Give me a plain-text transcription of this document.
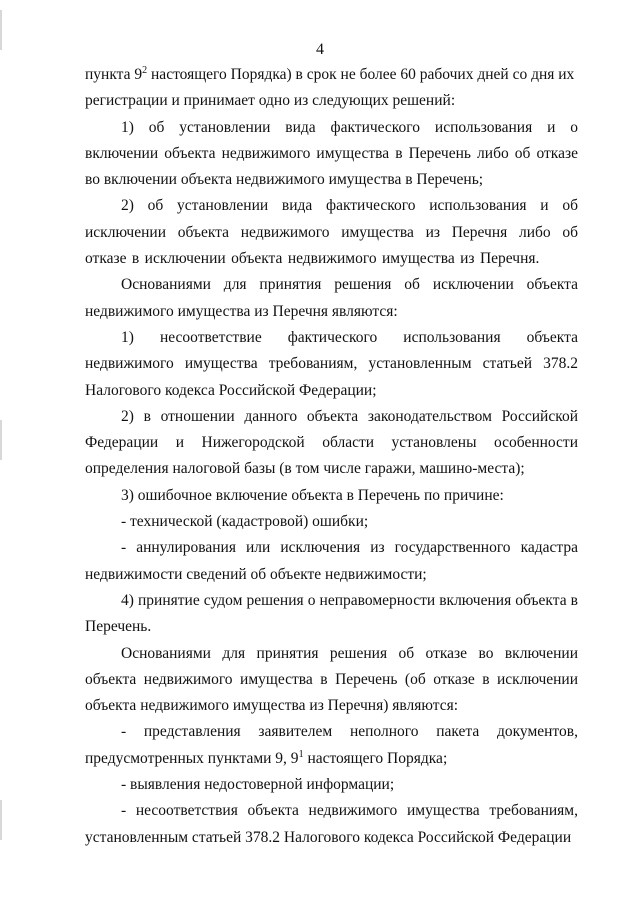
4

пункта $9^2$ настоящего Порядка) в срок не более 60 рабочих дней со дня их
регистрации и принимает одно из следующих решений:

1) об установлении вида фактического использования и о включении объекта недвижимого имущества в Перечень либо об отказе во включении объекта недвижимого имущества в Перечень;

2) об установлении вида фактического использования и об исключении объекта недвижимого имущества из Перечня либо об отказе в исключении объекта недвижимого имущества из Перечня.

Основаниями для принятия решения об исключении объекта недвижимого имущества из Перечня являются:

1) несоответствие фактического использования объекта
недвижимого имущества требованиям, установленным статьей 378.2 Налогового кодекса Российской Федерации;

2) в отношении данного объекта законодательством Российской Федерации и Нижегородской области установлены особенности определения налоговой базы (в том числе гаражи, машино-места);

3) ошибочное включение объекта в Перечень по причине:

- технической (кадастровой) ошибки;

- аннулирования или исключения из государственного кадастра недвижимости сведений об объекте недвижимости;

4) принятие судом решения о неправомерности включения объекта в Перечень.

Основаниями для принятия решения об отказе во включении объекта недвижимого имущества в Перечень (об отказе в исключении объекта недвижимого имущества из Перечня) являются:

- представления заявителем неполного пакета документов,
предусмотренных пунктами 9, $9^1$ настоящего Порядка;

- выявления недостоверной информации;

- несоответствия объекта недвижимого имущества требованиям, установленным статьей 378.2 Налогового кодекса Российской Федерации
